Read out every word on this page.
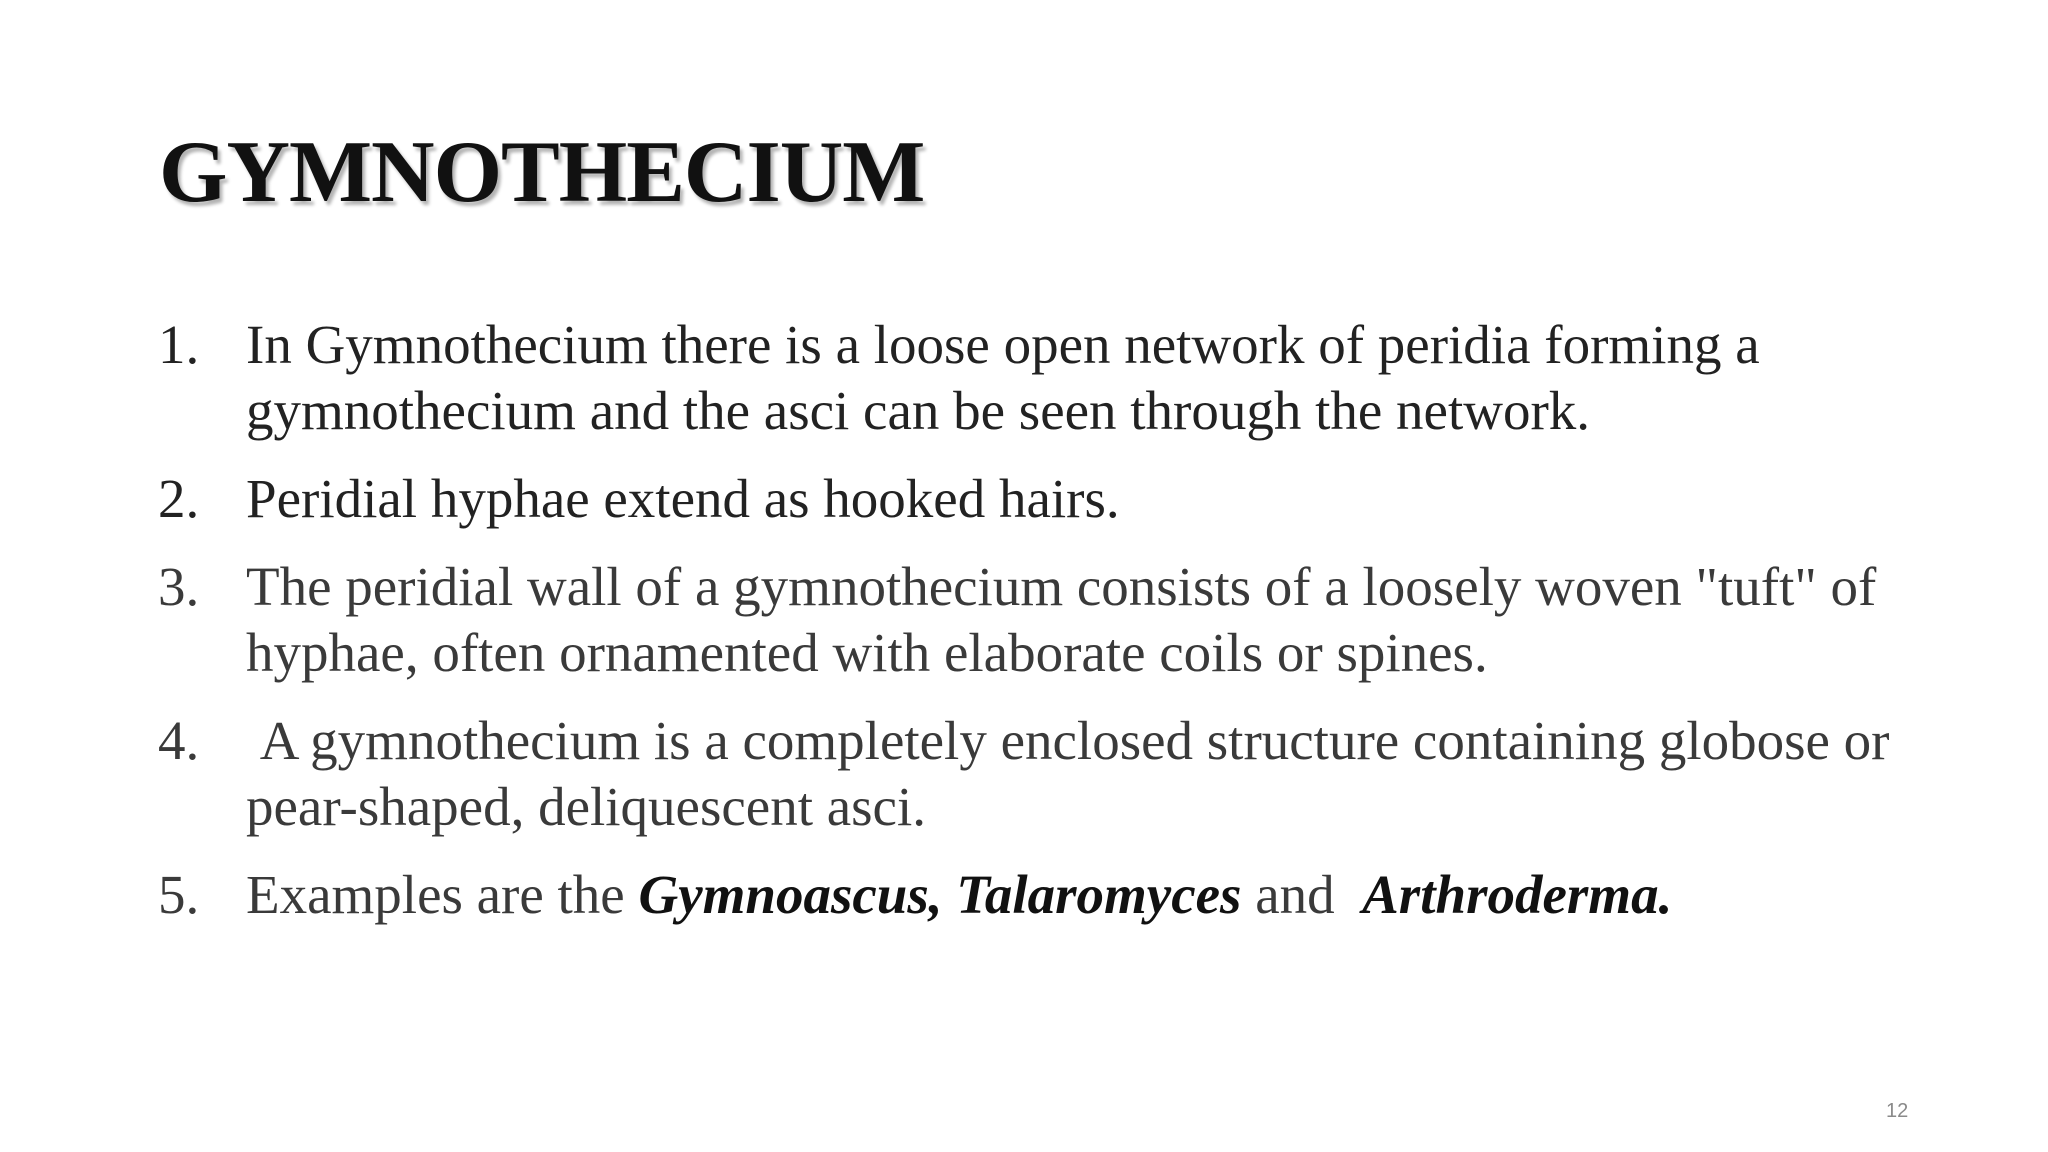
GYMNOTHECIUM
1. In Gymnothecium there is a loose open network of peridia forming a gymnothecium and the asci can be seen through the network.
2. Peridial hyphae extend as hooked hairs.
3. The peridial wall of a gymnothecium consists of a loosely woven "tuft" of hyphae, often ornamented with elaborate coils or spines.
4. A gymnothecium is a completely enclosed structure containing globose or pear-shaped, deliquescent asci.
5. Examples are the Gymnoascus, Talaromyces and  Arthroderma.
12
